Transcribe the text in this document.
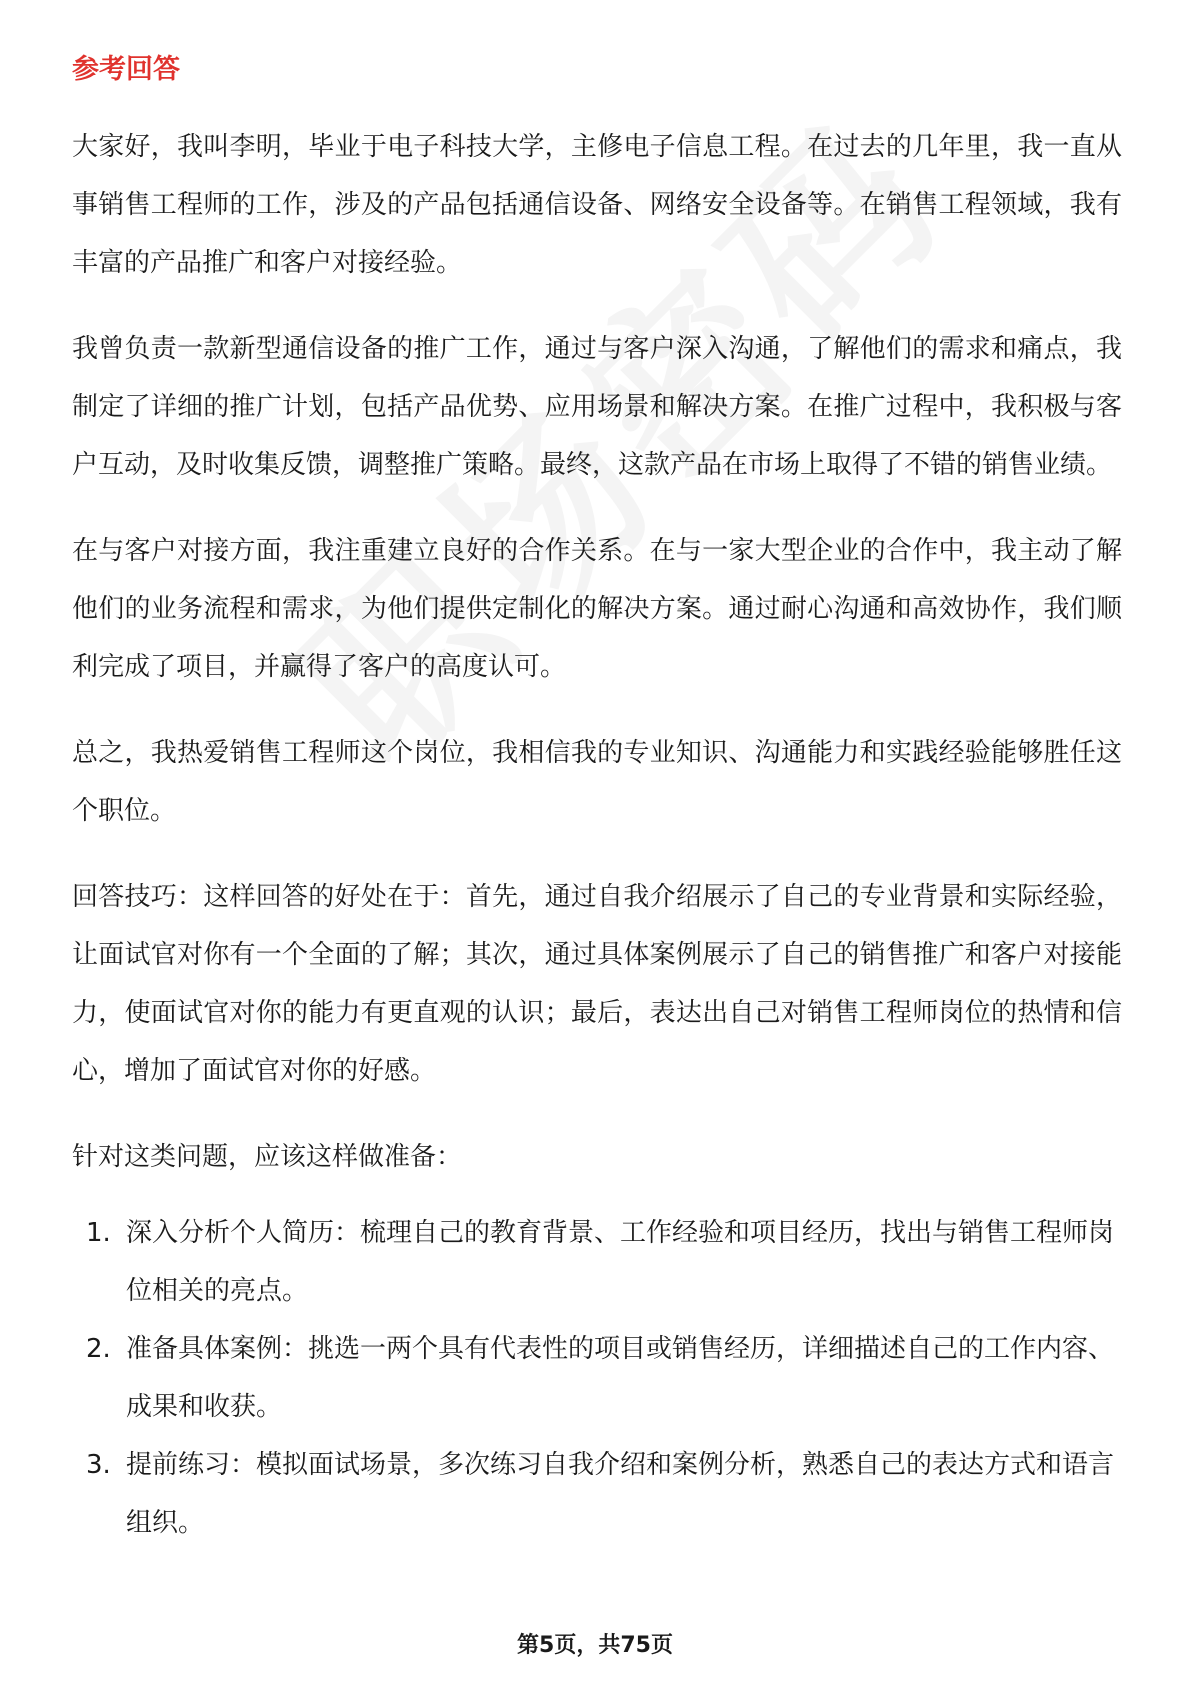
参考回答

大家好，我叫李明，毕业于电子科技大学，主修电子信息工程。在过去的几年里，我一直从事销售工程师的工作，涉及的产品包括通信设备、网络安全设备等。在销售工程领域，我有丰富的产品推广和客户对接经验。

我曾负责一款新型通信设备的推广工作，通过与客户深入沟通，了解他们的需求和痛点，我制定了详细的推广计划，包括产品优势、应用场景和解决方案。在推广过程中，我积极与客户互动，及时收集反馈，调整推广策略。最终，这款产品在市场上取得了不错的销售业绩。

在与客户对接方面，我注重建立良好的合作关系。在与一家大型企业的合作中，我主动了解他们的业务流程和需求，为他们提供定制化的解决方案。通过耐心沟通和高效协作，我们顺利完成了项目，并赢得了客户的高度认可。

总之，我热爱销售工程师这个岗位，我相信我的专业知识、沟通能力和实践经验能够胜任这个职位。

回答技巧：这样回答的好处在于：首先，通过自我介绍展示了自己的专业背景和实际经验，让面试官对你有一个全面的了解；其次，通过具体案例展示了自己的销售推广和客户对接能力，使面试官对你的能力有更直观的认识；最后，表达出自己对销售工程师岗位的热情和信心，增加了面试官对你的好感。

针对这类问题，应该这样做准备：

1. 深入分析个人简历：梳理自己的教育背景、工作经验和项目经历，找出与销售工程师岗位相关的亮点。
2. 准备具体案例：挑选一两个具有代表性的项目或销售经历，详细描述自己的工作内容、成果和收获。
3. 提前练习：模拟面试场景，多次练习自我介绍和案例分析，熟悉自己的表达方式和语言组织。
第5页，共75页
